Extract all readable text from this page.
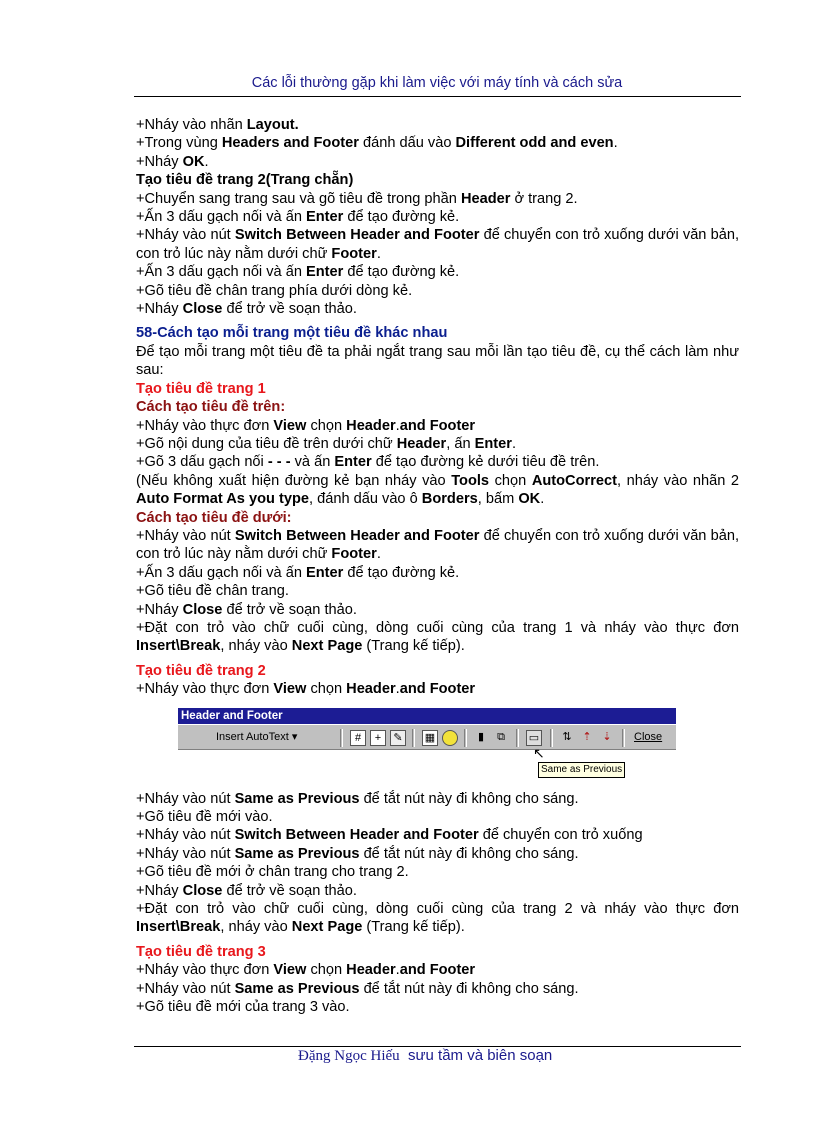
Các lỗi thường gặp khi làm việc với máy tính và cách sửa

+Nháy vào nhãn Layout.

+Trong vùng Headers and Footer đánh dấu vào Different odd and even.

+Nháy OK.

Tạo tiêu đề trang 2(Trang chẵn)

+Chuyển sang trang sau và gõ tiêu đề trong phần Header ở trang 2.

+Ấn 3 dấu gạch nối và ấn Enter để tạo đường kẻ.

+Nháy vào nút Switch Between Header and Footer để chuyển con trỏ xuống dưới văn bản, con trỏ lúc này nằm dưới chữ Footer.

+Ấn 3 dấu gạch nối và ấn Enter để tạo đường kẻ.

+Gõ tiêu đề chân trang phía dưới dòng kẻ.

+Nháy Close để trở về soạn thảo.

58-Cách tạo mỗi trang một tiêu đề khác nhau

Để tạo mỗi trang một tiêu đề ta phải ngắt trang sau mỗi lần tạo tiêu đề, cụ thể cách làm như sau:

Tạo tiêu đề trang 1

Cách tạo tiêu đề trên:

+Nháy vào thực đơn View chọn Header.and Footer

+Gõ nội dung của tiêu đề trên dưới chữ Header, ấn Enter.

+Gõ 3 dấu gạch nối - - - và ấn Enter để tạo đường kẻ dưới tiêu đề trên.

(Nếu không xuất hiện đường kẻ bạn nháy vào Tools chọn AutoCorrect, nháy vào nhãn 2 Auto Format As you type, đánh dấu vào ô Borders, bấm OK.

Cách tạo tiêu đề dưới:

+Nháy vào nút Switch Between Header and Footer để chuyển con trỏ xuống dưới văn bản, con trỏ lúc này nằm dưới chữ Footer.

+Ấn 3 dấu gạch nối và ấn Enter để tạo đường kẻ.

+Gõ tiêu đề chân trang.

+Nháy Close để trở về soạn thảo.

+Đặt con trỏ vào chữ cuối cùng, dòng cuối cùng của trang 1 và nháy vào thực đơn Insert\Break, nháy vào Next Page (Trang kế tiếp).

Tạo tiêu đề trang 2

+Nháy vào thực đơn View chọn Header.and Footer

Header and Footer
Insert AutoText ▾	#	+	✎	▦	▮	⧉ ▭ ⇅ ⇡ ⇣ Close
↖
Same as Previous

+Nháy vào nút Same as Previous để tắt nút này đi không cho sáng.

+Gõ tiêu đề mới vào.

+Nháy vào nút Switch Between Header and Footer để chuyển con trỏ xuống

+Nháy vào nút Same as Previous để tắt nút này đi không cho sáng.

+Gõ tiêu đề mới ở chân trang cho trang 2.

+Nháy Close để trở về soạn thảo.

+Đặt con trỏ vào chữ cuối cùng, dòng cuối cùng của trang 2 và nháy vào thực đơn Insert\Break, nháy vào Next Page (Trang kế tiếp).

Tạo tiêu đề trang 3

+Nháy vào thực đơn View chọn Header.and Footer

+Nháy vào nút Same as Previous để tắt nút này đi không cho sáng.

+Gõ tiêu đề mới của trang 3 vào.

Đặng Ngọc Hiếu sưu tầm và biên soạn
